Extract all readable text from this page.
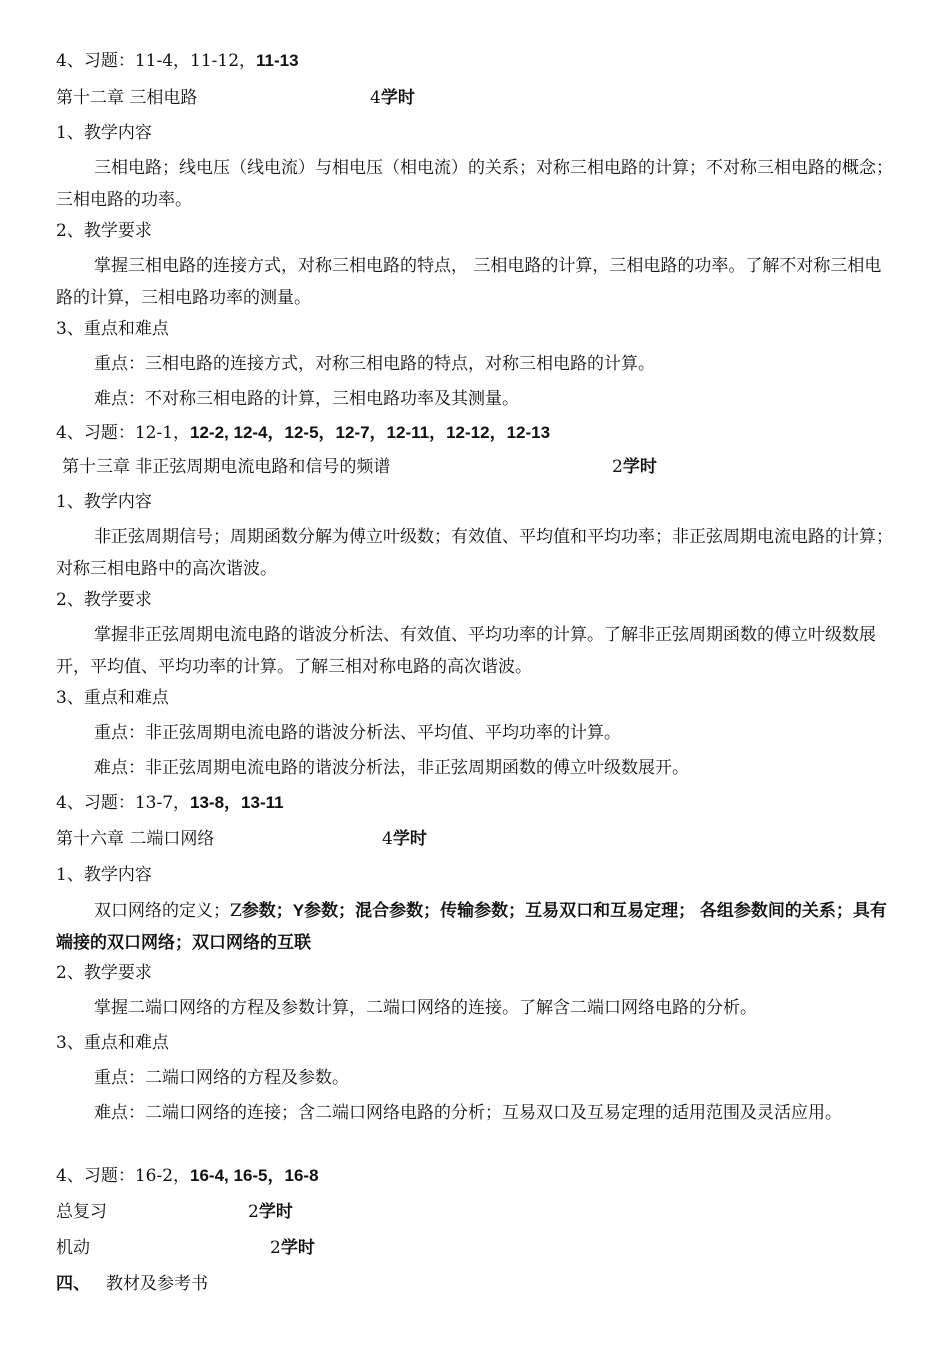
4、习题：11-4，11-12，11-13
第十二章 三相电路	4学时
1、教学内容
三相电路；线电压（线电流）与相电压（相电流）的关系；对称三相电路的计算；不对称三相电路的概念；三相电路的功率。
2、教学要求
掌握三相电路的连接方式，对称三相电路的特点， 三相电路的计算，三相电路的功率。了解不对称三相电路的计算，三相电路功率的测量。
3、重点和难点
重点：三相电路的连接方式，对称三相电路的特点，对称三相电路的计算。
难点：不对称三相电路的计算，三相电路功率及其测量。
4、习题：12-1，12-2, 12-4，12-5，12-7，12-11，12-12，12-13
第十三章 非正弦周期电流电路和信号的频谱	2学时
1、教学内容
非正弦周期信号；周期函数分解为傅立叶级数；有效值、平均值和平均功率；非正弦周期电流电路的计算；对称三相电路中的高次谐波。
2、教学要求
掌握非正弦周期电流电路的谐波分析法、有效值、平均功率的计算。了解非正弦周期函数的傅立叶级数展开，平均值、平均功率的计算。了解三相对称电路的高次谐波。
3、重点和难点
重点：非正弦周期电流电路的谐波分析法、平均值、平均功率的计算。
难点：非正弦周期电流电路的谐波分析法，非正弦周期函数的傅立叶级数展开。
4、习题：13-7，13-8，13-11
第十六章 二端口网络	4学时
1、教学内容
双口网络的定义；Z参数；Y参数；混合参数；传输参数；互易双口和互易定理； 各组参数间的关系；具有端接的双口网络；双口网络的互联
2、教学要求
掌握二端口网络的方程及参数计算，二端口网络的连接。了解含二端口网络电路的分析。
3、重点和难点
重点：二端口网络的方程及参数。
难点：二端口网络的连接；含二端口网络电路的分析；互易双口及互易定理的适用范围及灵活应用。
4、习题：16-2，16-4, 16-5，16-8
总复习	2学时
机动	2学时
四、 教材及参考书
